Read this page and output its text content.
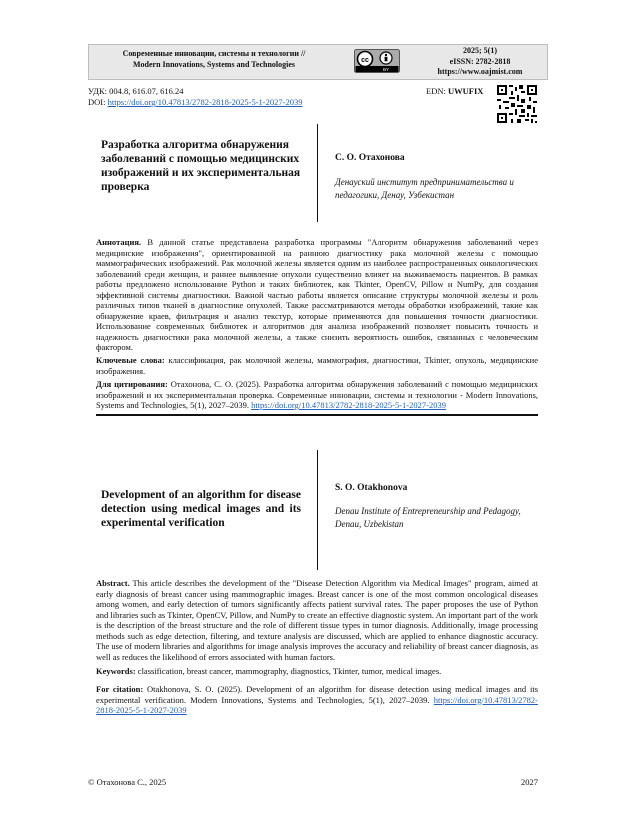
Современные инновации, системы и технологии //
Modern Innovations, Systems and Technologies	cc
BY
2025; 5(1)
eISSN: 2782-2818
https://www.oajmist.com
УДК: 004.8, 616.07, 616.24
DOI: https://doi.org/10.47813/2782-2818-2025-5-1-2027-2039
EDN: UWUFIX
Разработка алгоритма обнаружения заболеваний с помощью медицинских изображений и их экспериментальная проверка
С. О. Отахонова
Денауский институт предпринимательства и педагогики, Денау, Узбекистан
Аннотация. В данной статье представлена разработка программы "Алгоритм обнаружения заболеваний через медицинские изображения", ориентированной на раннюю диагностику рака молочной железы с помощью маммографических изображений. Рак молочной железы является одним из наиболее распространенных онкологических заболеваний среди женщин, и раннее выявление опухоли существенно влияет на выживаемость пациентов. В рамках работы предложено использование Python и таких библиотек, как Tkinter, OpenCV, Pillow и NumPy, для создания эффективной системы диагностики. Важной частью работы является описание структуры молочной железы и роль различных типов тканей в диагностике опухолей. Также рассматриваются методы обработки изображений, такие как обнаружение краев, фильтрация и анализ текстур, которые применяются для повышения точности диагностики. Использование современных библиотек и алгоритмов для анализа изображений позволяет повысить точность и надежность диагностики рака молочной железы, а также снизить вероятность ошибок, связанных с человеческим фактором.
Ключевые слова: классификация, рак молочной железы, маммография, диагностики, Tkinter, опухоль, медицинские изображения.
Для цитирования: Отахонова, С. О. (2025). Разработка алгоритма обнаружения заболеваний с помощью медицинских изображений и их экспериментальная проверка. Современные инновации, системы и технологии - Modern Innovations, Systems and Technologies, 5(1), 2027–2039. https://doi.org/10.47813/2782-2818-2025-5-1-2027-2039
Development of an algorithm for disease detection using medical images and its experimental verification
S. O. Otakhonova
Denau Institute of Entrepreneurship and Pedagogy, Denau, Uzbekistan
Abstract. This article describes the development of the "Disease Detection Algorithm via Medical Images" program, aimed at early diagnosis of breast cancer using mammographic images. Breast cancer is one of the most common oncological diseases among women, and early detection of tumors significantly affects patient survival rates. The paper proposes the use of Python and libraries such as Tkinter, OpenCV, Pillow, and NumPy to create an effective diagnostic system. An important part of the work is the description of the breast structure and the role of different tissue types in tumor diagnosis. Additionally, image processing methods such as edge detection, filtering, and texture analysis are discussed, which are applied to enhance diagnostic accuracy. The use of modern libraries and algorithms for image analysis improves the accuracy and reliability of breast cancer diagnosis, as well as reduces the likelihood of errors associated with human factors.
Keywords: classification, breast cancer, mammography, diagnostics, Tkinter, tumor, medical images.
For citation: Otakhonova, S. O. (2025). Development of an algorithm for disease detection using medical images and its experimental verification. Modern Innovations, Systems and Technologies, 5(1), 2027–2039. https://doi.org/10.47813/2782-2818-2025-5-1-2027-2039
© Отахонова С., 2025	2027
